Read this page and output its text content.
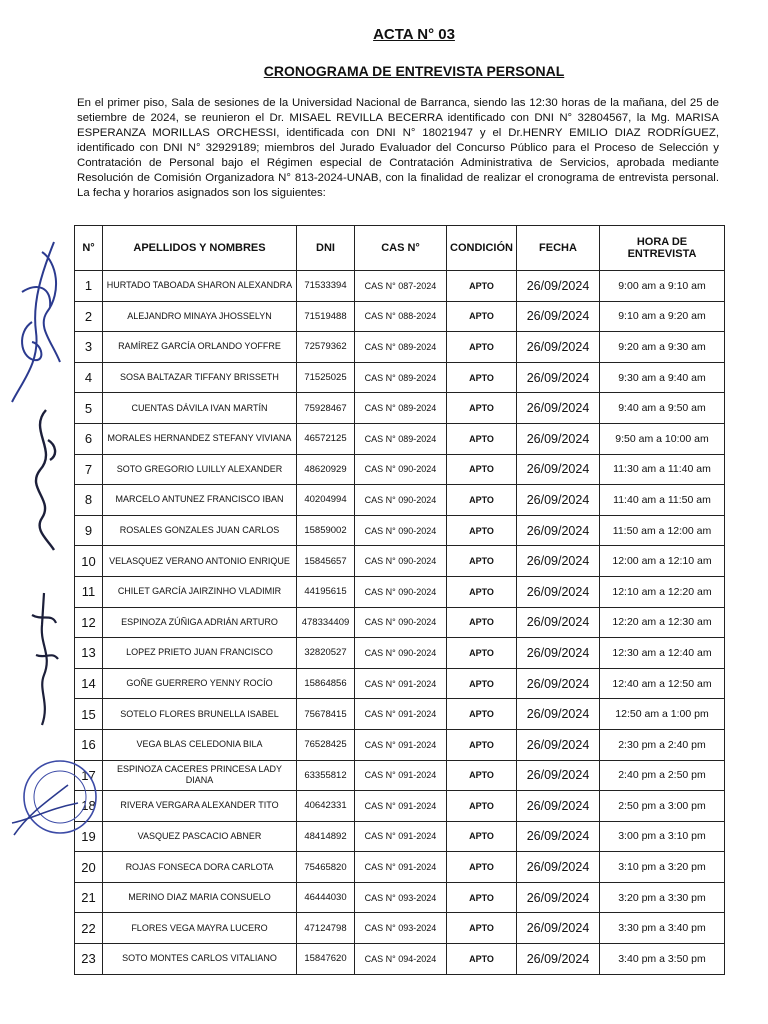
ACTA N° 03
CRONOGRAMA DE ENTREVISTA PERSONAL

En el primer piso, Sala de sesiones de la Universidad Nacional de Barranca, siendo las 12:30 horas de la mañana, del 25 de setiembre de 2024, se reunieron el Dr. MISAEL REVILLA BECERRA identificado con DNI N° 32804567, la Mg. MARISA ESPERANZA MORILLAS ORCHESSI, identificada con DNI N° 18021947 y el Dr.HENRY EMILIO DIAZ RODRÍGUEZ, identificado con DNI N° 32929189; miembros del Jurado Evaluador del Concurso Público para el Proceso de Selección y Contratación de Personal bajo el Régimen especial de Contratación Administrativa de Servicios, aprobada mediante Resolución de Comisión Organizadora N° 813-2024-UNAB, con la finalidad de realizar el cronograma de entrevista personal. La fecha y horarios asignados son los siguientes:

N°	APELLIDOS Y NOMBRES	DNI	CAS N°	CONDICIÓN	FECHA	HORA DE ENTREVISTA
1	HURTADO TABOADA SHARON ALEXANDRA	71533394	CAS N° 087-2024	APTO	26/09/2024	9:00 am a 9:10 am
2	ALEJANDRO MINAYA JHOSSELYN	71519488	CAS N° 088-2024	APTO	26/09/2024	9:10 am a 9:20 am
3	RAMÍREZ GARCÍA ORLANDO YOFFRE	72579362	CAS N° 089-2024	APTO	26/09/2024	9:20 am a 9:30 am
4	SOSA BALTAZAR TIFFANY BRISSETH	71525025	CAS N° 089-2024	APTO	26/09/2024	9:30 am a 9:40 am
5	CUENTAS DÁVILA IVAN MARTÍN	75928467	CAS N° 089-2024	APTO	26/09/2024	9:40 am a 9:50 am
6	MORALES HERNANDEZ STEFANY VIVIANA	46572125	CAS N° 089-2024	APTO	26/09/2024	9:50 am a 10:00 am
7	SOTO GREGORIO LUILLY ALEXANDER	48620929	CAS N° 090-2024	APTO	26/09/2024	11:30 am a 11:40 am
8	MARCELO ANTUNEZ FRANCISCO IBAN	40204994	CAS N° 090-2024	APTO	26/09/2024	11:40 am a 11:50 am
9	ROSALES GONZALES JUAN CARLOS	15859002	CAS N° 090-2024	APTO	26/09/2024	11:50 am a 12:00 am
10	VELASQUEZ VERANO ANTONIO ENRIQUE	15845657	CAS N° 090-2024	APTO	26/09/2024	12:00 am a 12:10 am
11	CHILET GARCÍA JAIRZINHO VLADIMIR	44195615	CAS N° 090-2024	APTO	26/09/2024	12:10 am a 12:20 am
12	ESPINOZA ZÚÑIGA ADRIÁN ARTURO	478334409	CAS N° 090-2024	APTO	26/09/2024	12:20 am a 12:30 am
13	LOPEZ PRIETO JUAN FRANCISCO	32820527	CAS N° 090-2024	APTO	26/09/2024	12:30 am a 12:40 am
14	GOÑE GUERRERO YENNY ROCÍO	15864856	CAS N° 091-2024	APTO	26/09/2024	12:40 am a 12:50 am
15	SOTELO FLORES BRUNELLA ISABEL	75678415	CAS N° 091-2024	APTO	26/09/2024	12:50 am a 1:00 pm
16	VEGA BLAS CELEDONIA BILA	76528425	CAS N° 091-2024	APTO	26/09/2024	2:30 pm a 2:40 pm
17	ESPINOZA CACERES PRINCESA LADY DIANA	63355812	CAS N° 091-2024	APTO	26/09/2024	2:40 pm a 2:50 pm
18	RIVERA VERGARA ALEXANDER TITO	40642331	CAS N° 091-2024	APTO	26/09/2024	2:50 pm a 3:00 pm
19	VASQUEZ PASCACIO ABNER	48414892	CAS N° 091-2024	APTO	26/09/2024	3:00 pm a 3:10 pm
20	ROJAS FONSECA DORA CARLOTA	75465820	CAS N° 091-2024	APTO	26/09/2024	3:10 pm a 3:20 pm
21	MERINO DIAZ MARIA CONSUELO	46444030	CAS N° 093-2024	APTO	26/09/2024	3:20 pm a 3:30 pm
22	FLORES VEGA MAYRA LUCERO	47124798	CAS N° 093-2024	APTO	26/09/2024	3:30 pm a 3:40 pm
23	SOTO MONTES CARLOS VITALIANO	15847620	CAS N° 094-2024	APTO	26/09/2024	3:40 pm a 3:50 pm
